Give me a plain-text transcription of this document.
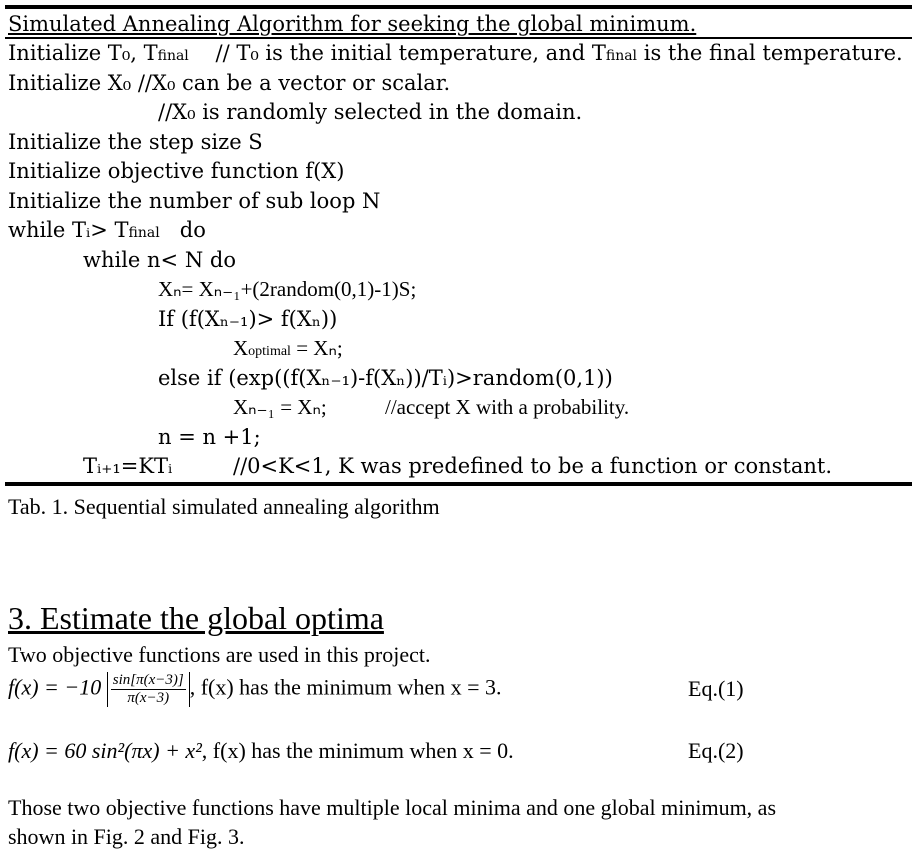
Simulated Annealing Algorithm for seeking the global minimum.
Initialize T₀, Tfinal // T₀ is the initial temperature, and Tfinal is the final temperature.
Initialize X₀ //X₀ can be a vector or scalar.
//X₀ is randomly selected in the domain.
Initialize the step size S
Initialize objective function f(X)
Initialize the number of sub loop N
while Tᵢ> Tfinal do
while n< N do
Xₙ= Xₙ₋₁+(2random(0,1)-1)S;
If (f(Xₙ₋₁)> f(Xₙ))
Xoptimal = Xₙ;
else if (exp((f(Xₙ₋₁)-f(Xₙ))/Tᵢ)>random(0,1))
Xₙ₋₁ = Xₙ;	//accept X with a probability.
n = n +1;
Tᵢ₊₁=KTᵢ	//0<K<1, K was predefined to be a function or constant.
Tab. 1. Sequential simulated annealing algorithm
3. Estimate the global optima
Two objective functions are used in this project.
$f(x) = -10 \frac{\sin[\pi(x-3)]}{\pi(x-3)}$ , f(x) has the minimum when x = 3.	Eq.(1)
f(x) = 60 sin²(πx) + x², f(x) has the minimum when x = 0.	Eq.(2)
Those two objective functions have multiple local minima and one global minimum, as
shown in Fig. 2 and Fig. 3.
